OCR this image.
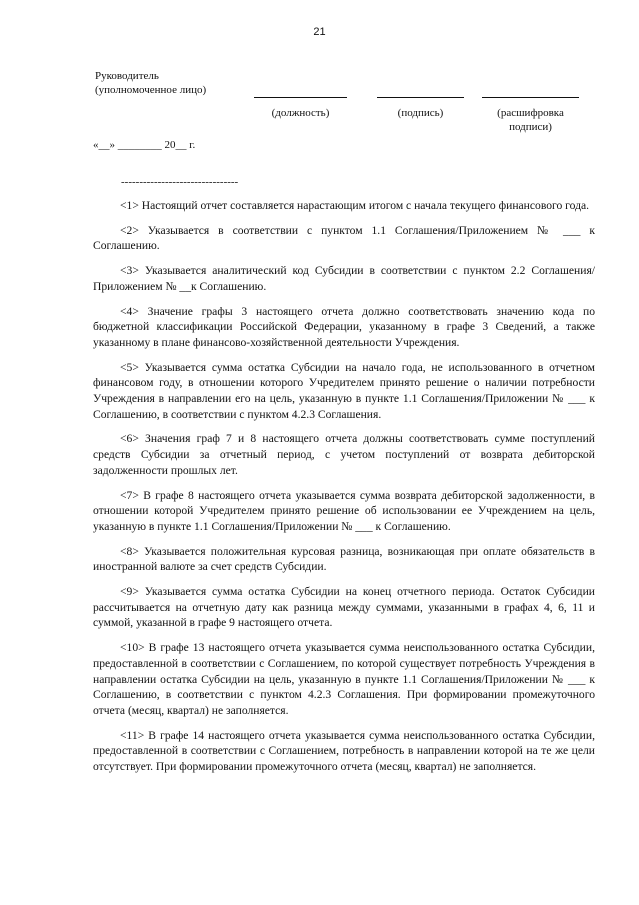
21
Руководитель
(уполномоченное лицо)
(должность)	(подпись)	(расшифровка
подписи)
«__» ________ 20__ г.
--------------------------------

<1> Настоящий отчет составляется нарастающим итогом с начала текущего финансового года.

<2> Указывается в соответствии с пунктом 1.1 Соглашения/Приложением № ___ к Соглашению.

<3> Указывается аналитический код Субсидии в соответствии с пунктом 2.2 Соглашения/Приложением № __к Соглашению.

<4> Значение графы 3 настоящего отчета должно соответствовать значению кода по бюджетной классификации Российской Федерации, указанному в графе 3 Сведений, а также указанному в плане финансово-хозяйственной деятельности Учреждения.

<5> Указывается сумма остатка Субсидии на начало года, не использованного в отчетном финансовом году, в отношении которого Учредителем принято решение о наличии потребности Учреждения в направлении его на цель, указанную в пункте 1.1 Соглашения/Приложении № ___ к Соглашению, в соответствии с пунктом 4.2.3 Соглашения.

<6> Значения граф 7 и 8 настоящего отчета должны соответствовать сумме поступлений средств Субсидии за отчетный период, с учетом поступлений от возврата дебиторской задолженности прошлых лет.

<7> В графе 8 настоящего отчета указывается сумма возврата дебиторской задолженности, в отношении которой Учредителем принято решение об использовании ее Учреждением на цель, указанную в пункте 1.1 Соглашения/Приложении № ___ к Соглашению.

<8> Указывается положительная курсовая разница, возникающая при оплате обязательств в иностранной валюте за счет средств Субсидии.

<9> Указывается сумма остатка Субсидии на конец отчетного периода. Остаток Субсидии рассчитывается на отчетную дату как разница между суммами, указанными в графах 4, 6, 11 и суммой, указанной в графе 9 настоящего отчета.

<10> В графе 13 настоящего отчета указывается сумма неиспользованного остатка Субсидии, предоставленной в соответствии с Соглашением, по которой существует потребность Учреждения в направлении остатка Субсидии на цель, указанную в пункте 1.1 Соглашения/Приложении № ___ к Соглашению, в соответствии с пунктом 4.2.3 Соглашения. При формировании промежуточного отчета (месяц, квартал) не заполняется.

<11> В графе 14 настоящего отчета указывается сумма неиспользованного остатка Субсидии, предоставленной в соответствии с Соглашением, потребность в направлении которой на те же цели отсутствует. При формировании промежуточного отчета (месяц, квартал) не заполняется.
